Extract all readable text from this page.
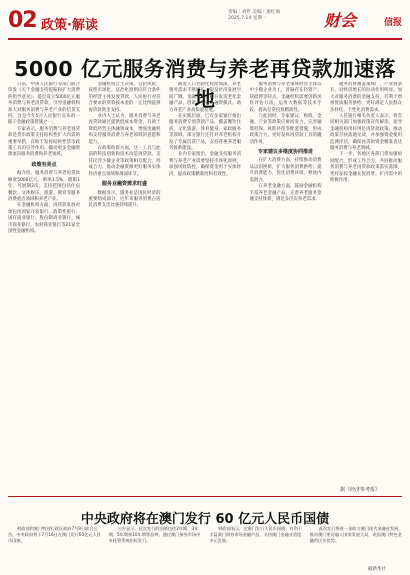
02 政策·解读
责编｜刘哲 美编｜康红丽
2025.7.14 星期一	财会	信报
5000 亿元服务消费与养老再贷款加速落地

日前，中国人民银行等部门联合印发《关于金融支持提振和扩大消费的指导意见》，提出设立5000亿元服务消费与养老再贷款，引导金融机构加大对服务消费与养老产业的信贷支持。这是今年5月人民银行宣布的一揽子金融政策措施之一。

专家表示，服务消费与养老再贷款是货币政策支持结构性扩大内需的重要举措，有助于发挥结构性货币政策工具的引导作用，撬动更多金融资源流向服务消费和养老领域。

政策有亮点

据介绍，服务消费与养老再贷款额度5000亿元，利率1.5%，期限1年，可展期2次。支持范围包括住宿餐饮、文体娱乐、旅游、教育等服务消费重点领域和养老产业。

在金融机构方面，再贷款发放对象包括国家开发银行、政策性银行、国有商业银行、股份制商业银行、城市商业银行、农村商业银行等21家全国性金融机构。

金融机构自主决策、自担风险，按照市场化、法治化原则向符合条件的经营主体发放贷款，人民银行对符合要求的贷款按本金的一定比例提供再贷款资金支持。

业内人士认为，服务消费与养老再贷款通过提供低成本资金，有助于降低经营主体融资成本，增强金融机构支持服务消费与养老领域的意愿和能力。

在政策衔接方面，这一工具与此前的科技创新和技术改造再贷款、支持民营小微企业等政策相互配合，形成合力，推动金融资源更好服务实体经济重点领域和薄弱环节。

服务业融资需求旺盛

数据显示，服务业是国民经济的重要组成部分，近年来服务消费占居民消费支出比重持续提升。

随着人口老龄化程度加深，养老服务需求不断增长，银发经济发展空间广阔。金融机构积极开发适老化金融产品，创新养老服务融资模式，助力养老产业高质量发展。

在实践层面，已有多家银行推出服务消费专项贷款产品，覆盖餐饮住宿、文化旅游、体育健身、家政服务等领域。部分银行还针对养老机构开发了专属信贷产品，支持普惠养老服务体系建设。

业内专家指出，金融支持服务消费与养老产业需要坚持市场化原则，加强风险防控，确保资金用于实体经济，提高政策精准度和有效性。

服务消费与养老领域经营主体以中小微企业为主，普遍存在轻资产、缺抵押等特点。金融机构需要创新风险评估方法，运用大数据等技术手段，提高信贷投放精准性。

与此同时，专家建议，财政、金融、产业等政策应协同发力，完善融资担保、风险补偿等配套措施，形成政策合力，更好发挥再贷款工具的撬动作用。

专家建议多维度协同推进

在扩大消费方面，持续推动消费品以旧换新，扩大服务消费供给，提升消费能力，优化消费环境，释放内需潜力。

在养老金融方面，鼓励金融机构丰富养老金融产品，完善养老服务金融支持体系，满足多层次养老需求。

服务消费涵盖领域广、产业链条长，对经济增长的拉动作用明显。加大对服务消费的金融支持，有利于增加优质服务供给，更好满足人民群众多样化、个性化消费需求。

人民银行相关负责人表示，将会同相关部门加强政策宣传解读，指导金融机构用好用足再贷款政策，推动政策尽快落地见效，并加强资金使用监测评估，确保再贷款资金精准直达服务消费与养老领域。

下一步，各地区各部门将加强协同配合，形成工作合力，共同推动服务消费与养老再贷款政策落实落细，更好发挥金融在促消费、扩内需中的积极作用。

据《经济参考报》
中央政府将在澳门发行 60 亿元人民币国债

财政部和澳门特别行政区政府7月9日联合公告，中央政府将于7月16日在澳门发行60亿元人民币国债。

公告显示，此次发行的国债包括2年期、3年期、5年期和10年期等品种，通过澳门债券市场中央托管系统招标发行。

财政部表示，在澳门发行人民币国债，有利于丰富澳门债券市场金融产品，支持澳门金融业适度多元发展。

此次发行将进一步助力澳门现代金融业发展，推动澳门更好融入国家发展大局，巩固澳门特色金融的区位优势。

据新华社
